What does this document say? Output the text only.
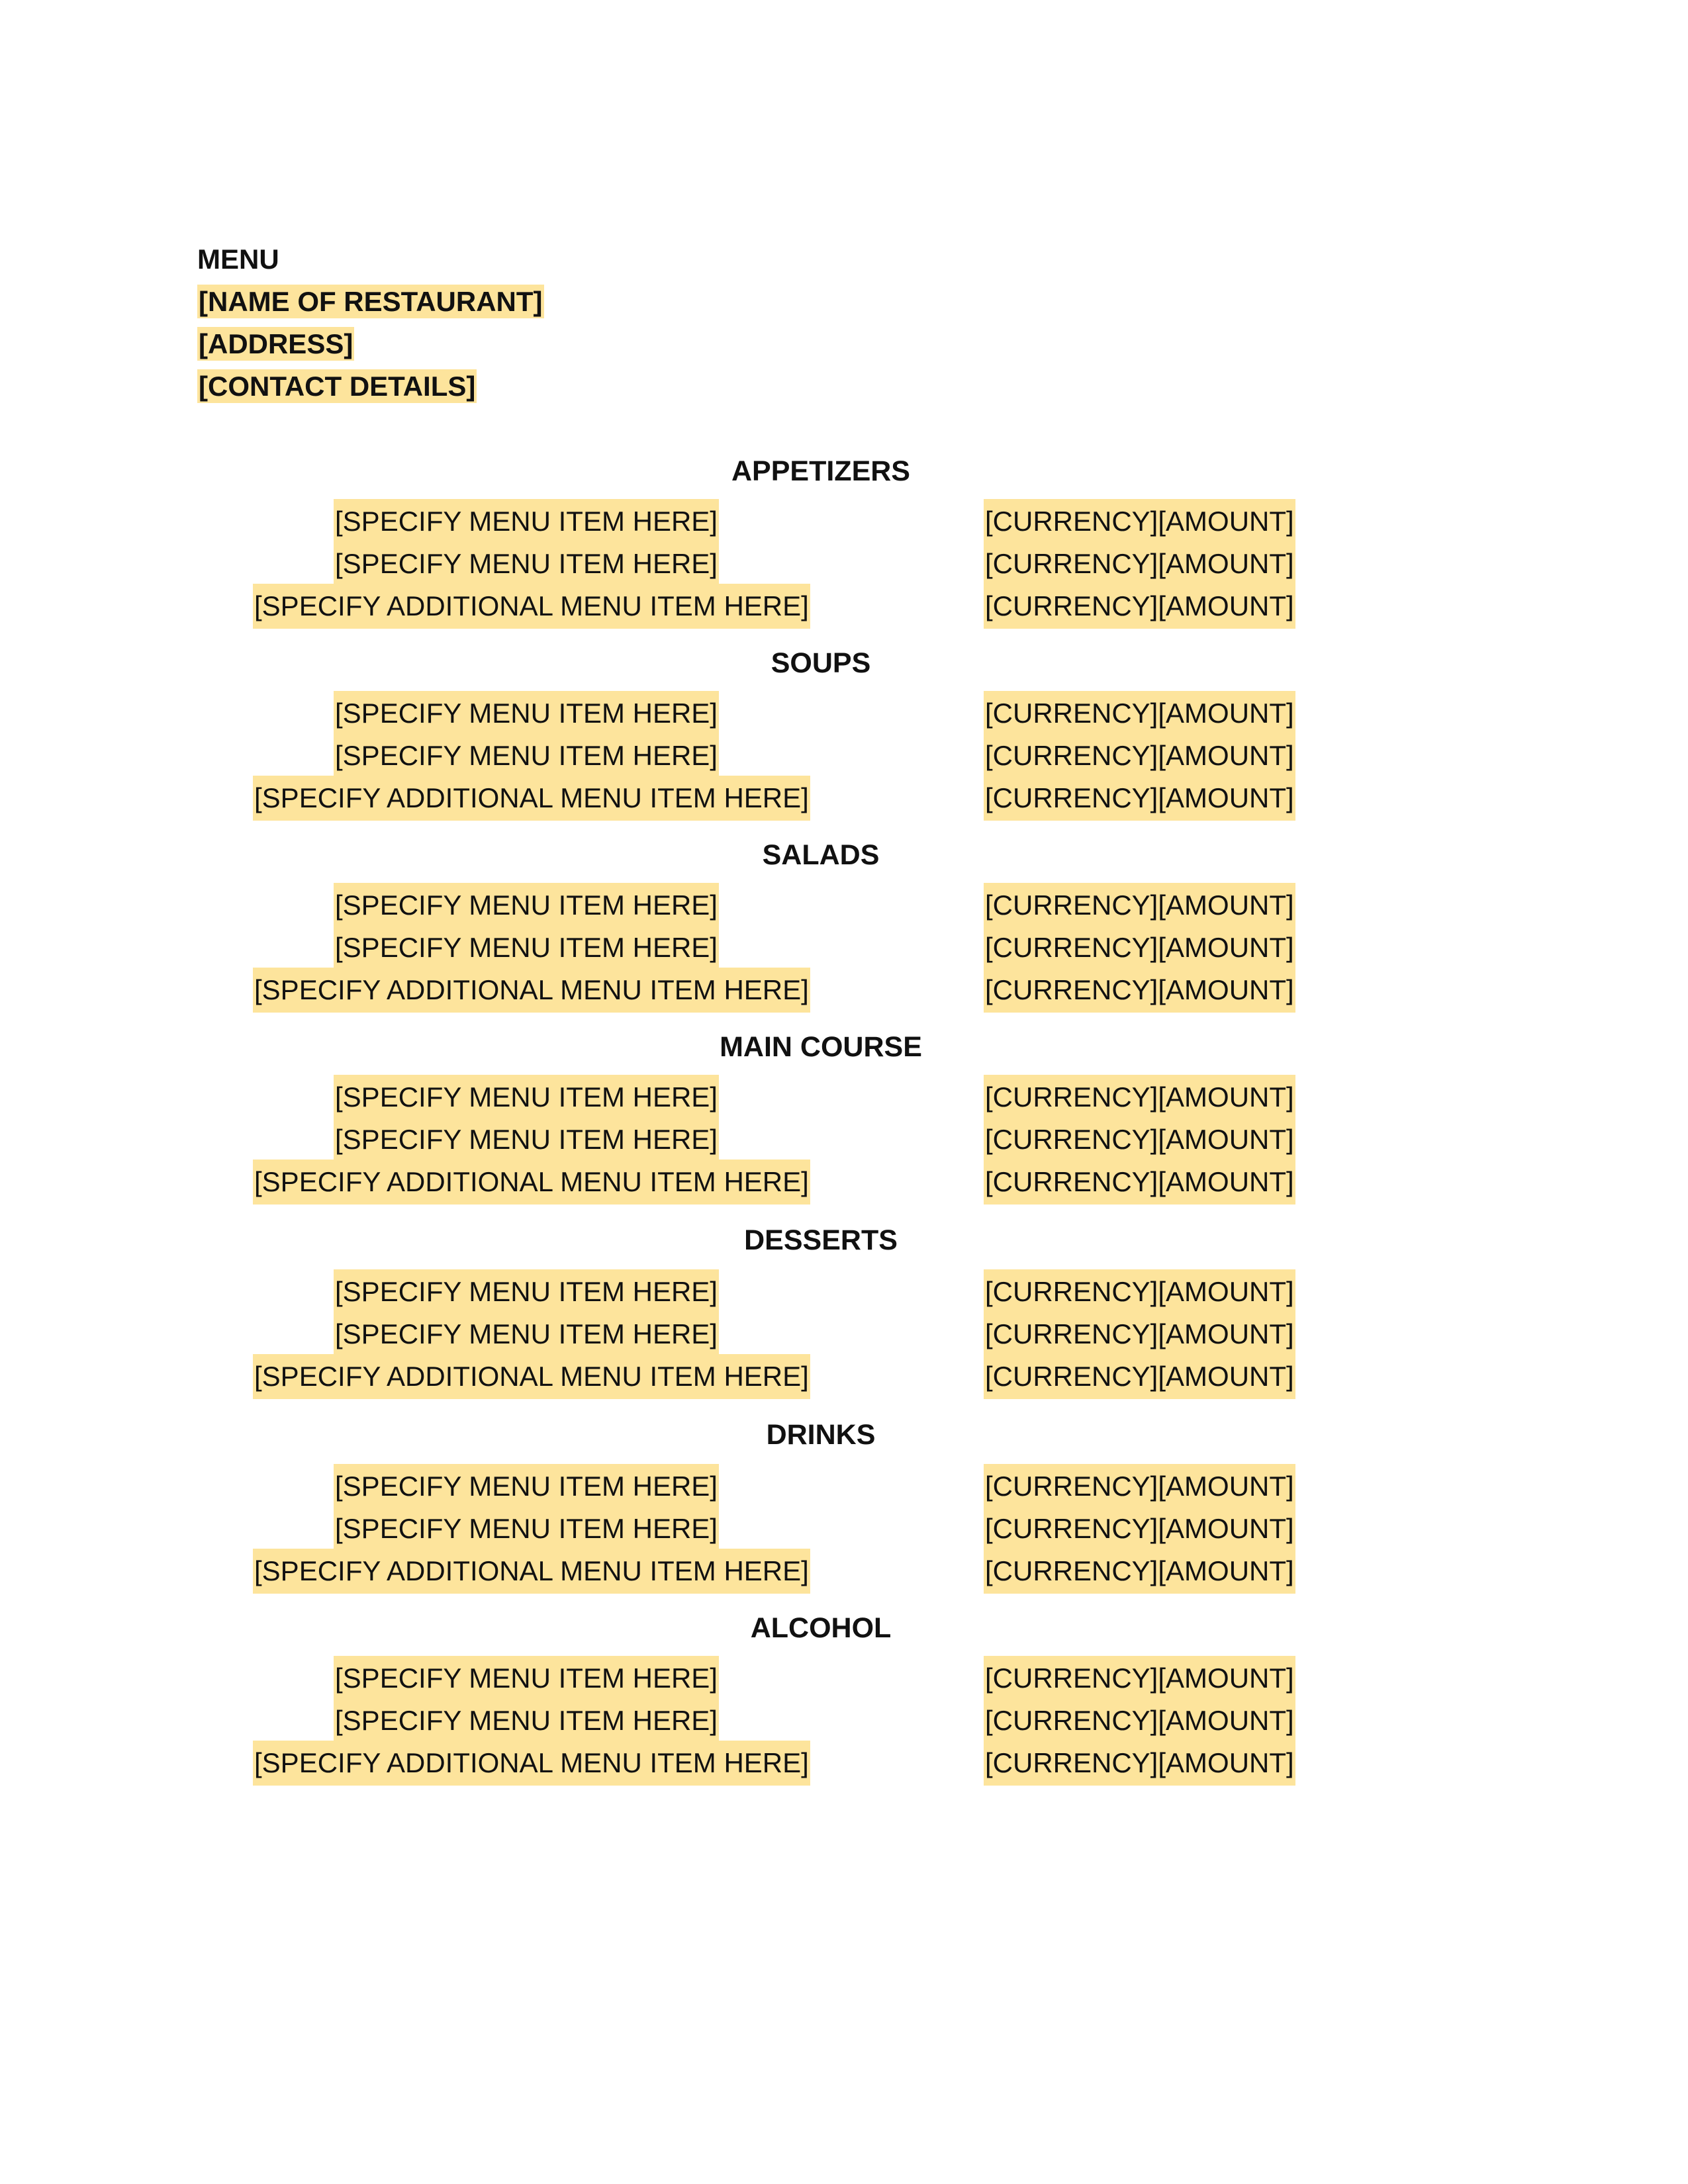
MENU
[NAME OF RESTAURANT]
[ADDRESS]
[CONTACT DETAILS]
APPETIZERS
[SPECIFY MENU ITEM HERE]	[CURRENCY][AMOUNT]
[SPECIFY MENU ITEM HERE]	[CURRENCY][AMOUNT]
[SPECIFY ADDITIONAL MENU ITEM HERE]	[CURRENCY][AMOUNT]
SOUPS
[SPECIFY MENU ITEM HERE]	[CURRENCY][AMOUNT]
[SPECIFY MENU ITEM HERE]	[CURRENCY][AMOUNT]
[SPECIFY ADDITIONAL MENU ITEM HERE]	[CURRENCY][AMOUNT]
SALADS
[SPECIFY MENU ITEM HERE]	[CURRENCY][AMOUNT]
[SPECIFY MENU ITEM HERE]	[CURRENCY][AMOUNT]
[SPECIFY ADDITIONAL MENU ITEM HERE]	[CURRENCY][AMOUNT]
MAIN COURSE
[SPECIFY MENU ITEM HERE]	[CURRENCY][AMOUNT]
[SPECIFY MENU ITEM HERE]	[CURRENCY][AMOUNT]
[SPECIFY ADDITIONAL MENU ITEM HERE]	[CURRENCY][AMOUNT]
DESSERTS
[SPECIFY MENU ITEM HERE]	[CURRENCY][AMOUNT]
[SPECIFY MENU ITEM HERE]	[CURRENCY][AMOUNT]
[SPECIFY ADDITIONAL MENU ITEM HERE]	[CURRENCY][AMOUNT]
DRINKS
[SPECIFY MENU ITEM HERE]	[CURRENCY][AMOUNT]
[SPECIFY MENU ITEM HERE]	[CURRENCY][AMOUNT]
[SPECIFY ADDITIONAL MENU ITEM HERE]	[CURRENCY][AMOUNT]
ALCOHOL
[SPECIFY MENU ITEM HERE]	[CURRENCY][AMOUNT]
[SPECIFY MENU ITEM HERE]	[CURRENCY][AMOUNT]
[SPECIFY ADDITIONAL MENU ITEM HERE]	[CURRENCY][AMOUNT]
